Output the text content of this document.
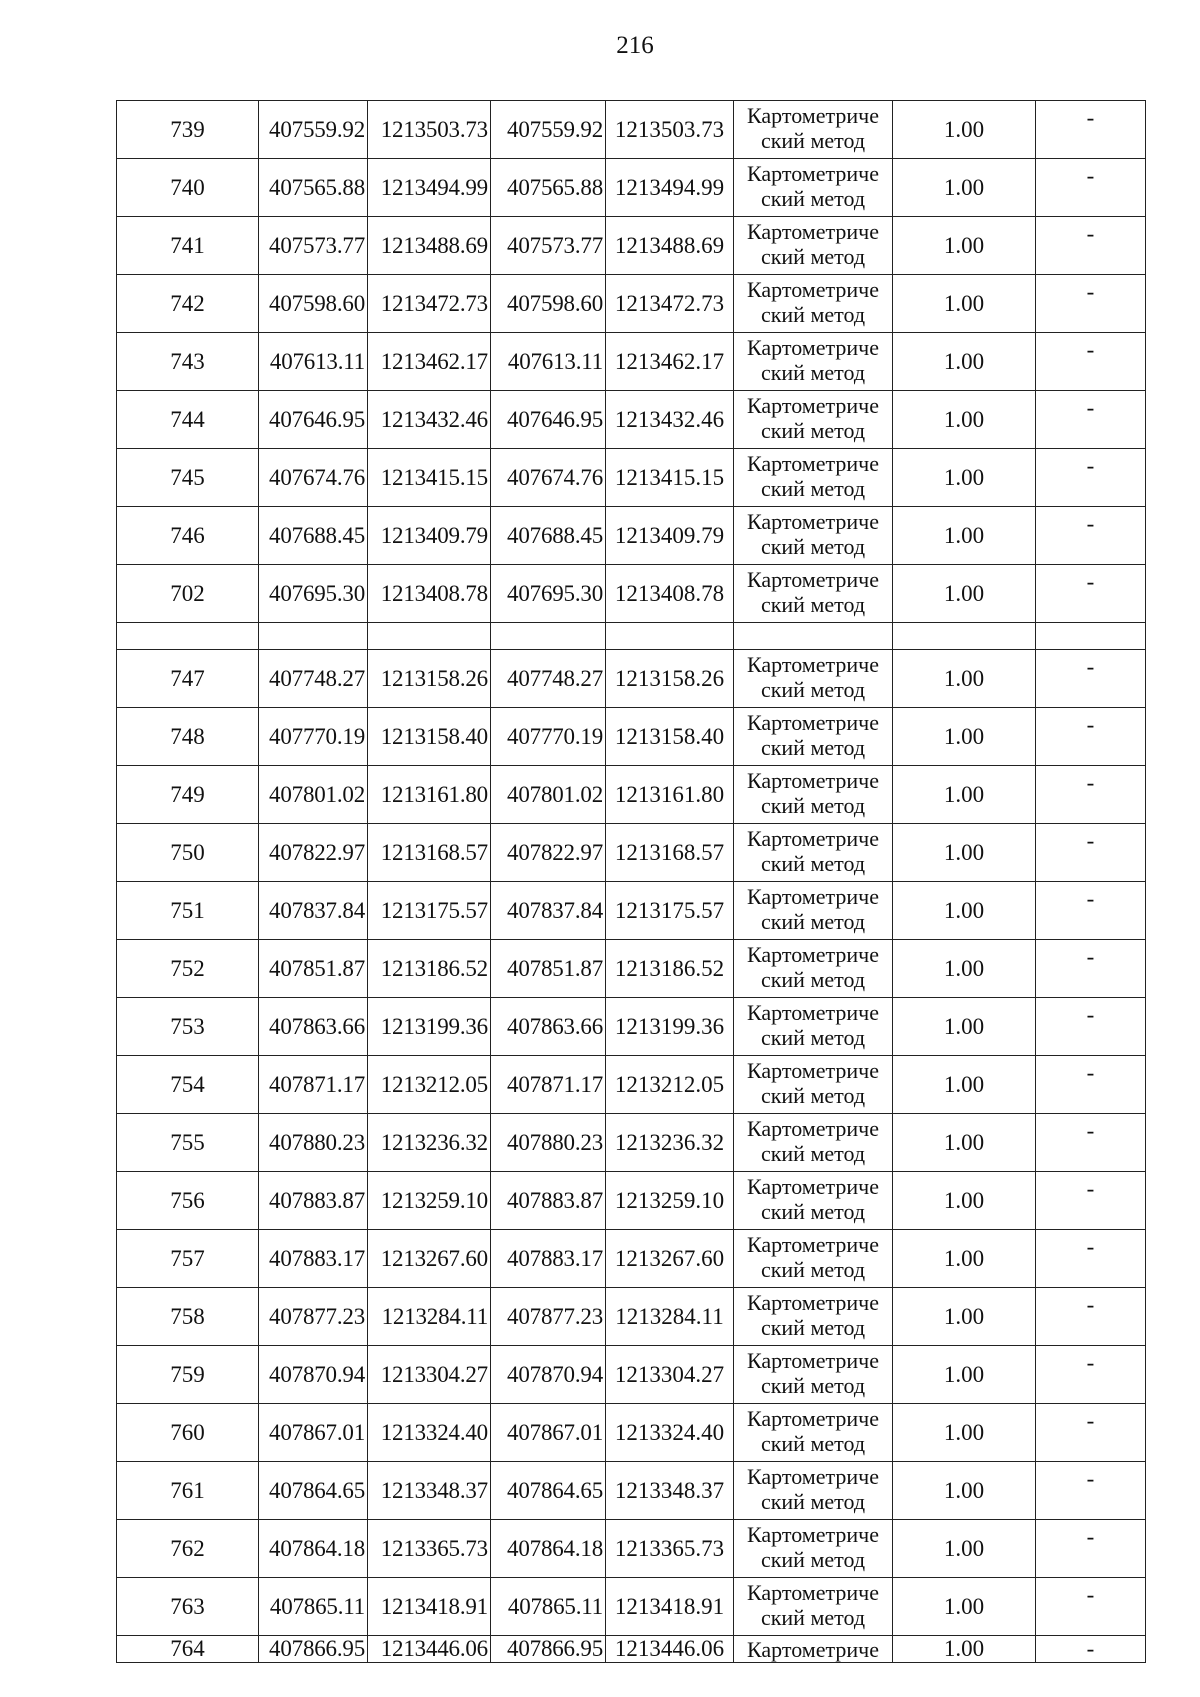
216
739	407559.92	1213503.73	407559.92	1213503.73	Картометриче ский метод	1.00	-
740	407565.88	1213494.99	407565.88	1213494.99	Картометриче ский метод	1.00	-
741	407573.77	1213488.69	407573.77	1213488.69	Картометриче ский метод	1.00	-
742	407598.60	1213472.73	407598.60	1213472.73	Картометриче ский метод	1.00	-
743	407613.11	1213462.17	407613.11	1213462.17	Картометриче ский метод	1.00	-
744	407646.95	1213432.46	407646.95	1213432.46	Картометриче ский метод	1.00	-
745	407674.76	1213415.15	407674.76	1213415.15	Картометриче ский метод	1.00	-
746	407688.45	1213409.79	407688.45	1213409.79	Картометриче ский метод	1.00	-
702	407695.30	1213408.78	407695.30	1213408.78	Картометриче ский метод	1.00	-

747	407748.27	1213158.26	407748.27	1213158.26	Картометриче ский метод	1.00	-
748	407770.19	1213158.40	407770.19	1213158.40	Картометриче ский метод	1.00	-
749	407801.02	1213161.80	407801.02	1213161.80	Картометриче ский метод	1.00	-
750	407822.97	1213168.57	407822.97	1213168.57	Картометриче ский метод	1.00	-
751	407837.84	1213175.57	407837.84	1213175.57	Картометриче ский метод	1.00	-
752	407851.87	1213186.52	407851.87	1213186.52	Картометриче ский метод	1.00	-
753	407863.66	1213199.36	407863.66	1213199.36	Картометриче ский метод	1.00	-
754	407871.17	1213212.05	407871.17	1213212.05	Картометриче ский метод	1.00	-
755	407880.23	1213236.32	407880.23	1213236.32	Картометриче ский метод	1.00	-
756	407883.87	1213259.10	407883.87	1213259.10	Картометриче ский метод	1.00	-
757	407883.17	1213267.60	407883.17	1213267.60	Картометриче ский метод	1.00	-
758	407877.23	1213284.11	407877.23	1213284.11	Картометриче ский метод	1.00	-
759	407870.94	1213304.27	407870.94	1213304.27	Картометриче ский метод	1.00	-
760	407867.01	1213324.40	407867.01	1213324.40	Картометриче ский метод	1.00	-
761	407864.65	1213348.37	407864.65	1213348.37	Картометриче ский метод	1.00	-
762	407864.18	1213365.73	407864.18	1213365.73	Картометриче ский метод	1.00	-
763	407865.11	1213418.91	407865.11	1213418.91	Картометриче ский метод	1.00	-
764	407866.95	1213446.06	407866.95	1213446.06	Картометриче	1.00	-
